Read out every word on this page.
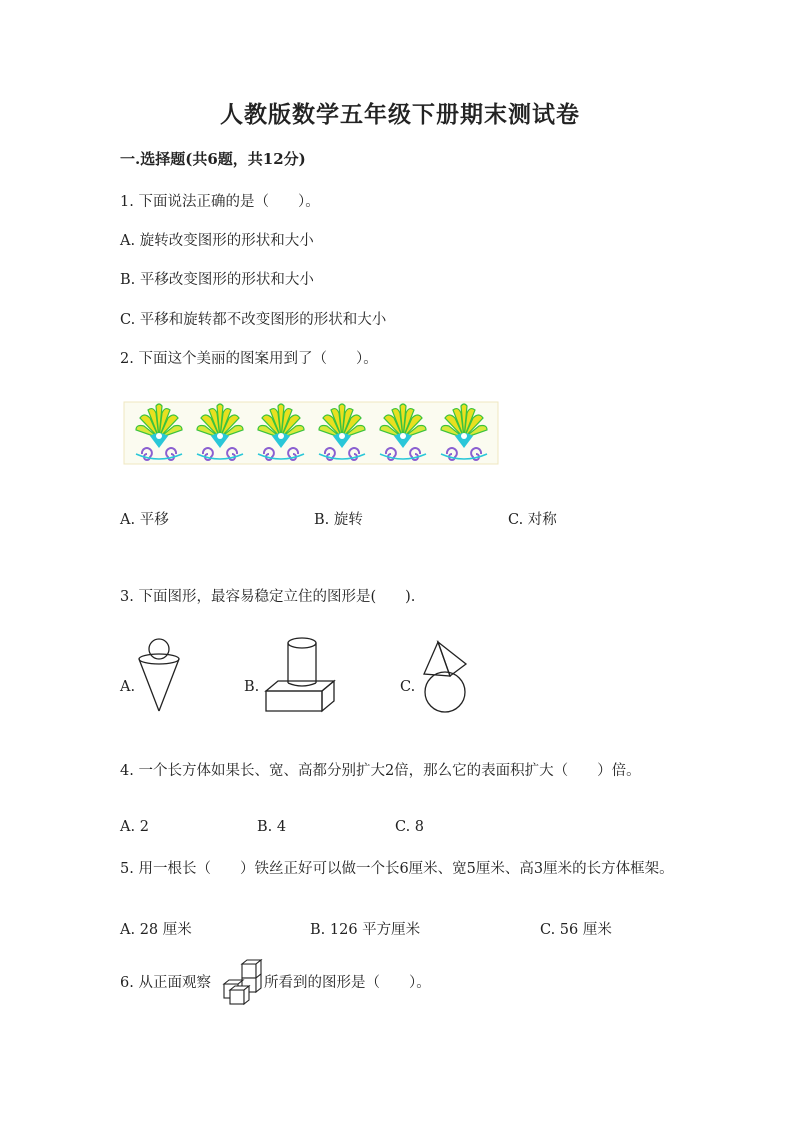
人教版数学五年级下册期末测试卷
一.选择题(共6题，共12分)
1. 下面说法正确的是（　　）。
A. 旋转改变图形的形状和大小
B. 平移改变图形的形状和大小
C. 平移和旋转都不改变图形的形状和大小
2. 下面这个美丽的图案用到了（　　）。
A. 平移	B. 旋转	C. 对称
3. 下面图形，最容易稳定立住的图形是(　　).
A.	B.	C.
4. 一个长方体如果长、宽、高都分别扩大2倍，那么它的表面积扩大（　　）倍。
A. 2	B. 4	C. 8
5. 用一根长（　　）铁丝正好可以做一个长6厘米、宽5厘米、高3厘米的长方体框架。
A. 28 厘米	B. 126 平方厘米	C. 56 厘米
6. 从正面观察	所看到的图形是（　　）。
